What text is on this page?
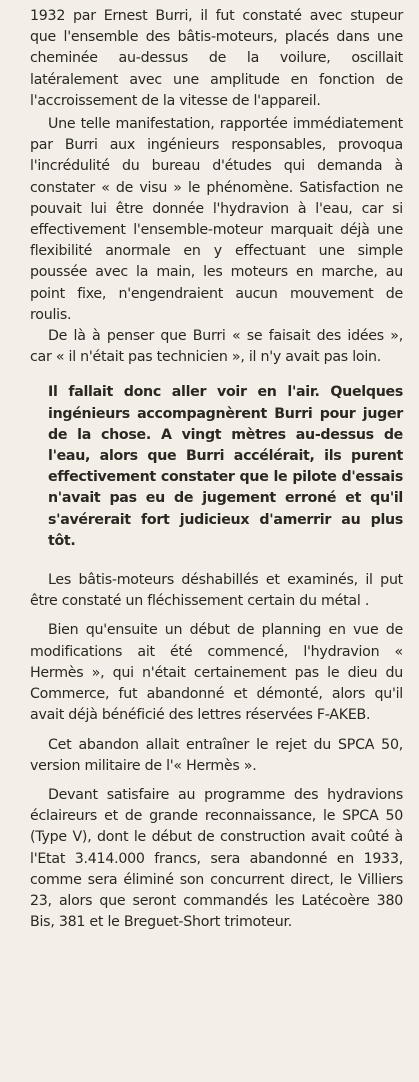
1932 par Ernest Burri, il fut constaté avec stupeur que l'ensemble des bâtis-moteurs, placés dans une cheminée au-dessus de la voilure, oscillait latéralement avec une amplitude en fonction de l'accroissement de la vitesse de l'appareil.

Une telle manifestation, rapportée immédiatement par Burri aux ingénieurs responsables, provoqua l'incrédulité du bureau d'études qui demanda à constater « de visu » le phénomène. Satisfaction ne pouvait lui être donnée l'hydravion à l'eau, car si effectivement l'ensemble-moteur marquait déjà une flexibilité anormale en y effectuant une simple poussée avec la main, les moteurs en marche, au point fixe, n'engendraient aucun mouvement de roulis.

De là à penser que Burri « se faisait des idées », car « il n'était pas technicien », il n'y avait pas loin.

Il fallait donc aller voir en l'air. Quelques ingénieurs accompagnèrent Burri pour juger de la chose. A vingt mètres au-dessus de l'eau, alors que Burri accélérait, ils purent effectivement constater que le pilote d'essais n'avait pas eu de jugement erroné et qu'il s'avérerait fort judicieux d'amerrir au plus tôt.

Les bâtis-moteurs déshabillés et examinés, il put être constaté un fléchissement certain du métal .

Bien qu'ensuite un début de planning en vue de modifications ait été commencé, l'hydravion « Hermès », qui n'était certainement pas le dieu du Commerce, fut abandonné et démonté, alors qu'il avait déjà bénéficié des lettres réservées F-AKEB.

Cet abandon allait entraîner le rejet du SPCA 50, version militaire de l'« Hermès ».

Devant satisfaire au programme des hydravions éclaireurs et de grande reconnaissance, le SPCA 50 (Type V), dont le début de construction avait coûté à l'Etat 3.414.000 francs, sera abandonné en 1933, comme sera éliminé son concurrent direct, le Villiers 23, alors que seront commandés les Latécoère 380 Bis, 381 et le Breguet-Short trimoteur.
